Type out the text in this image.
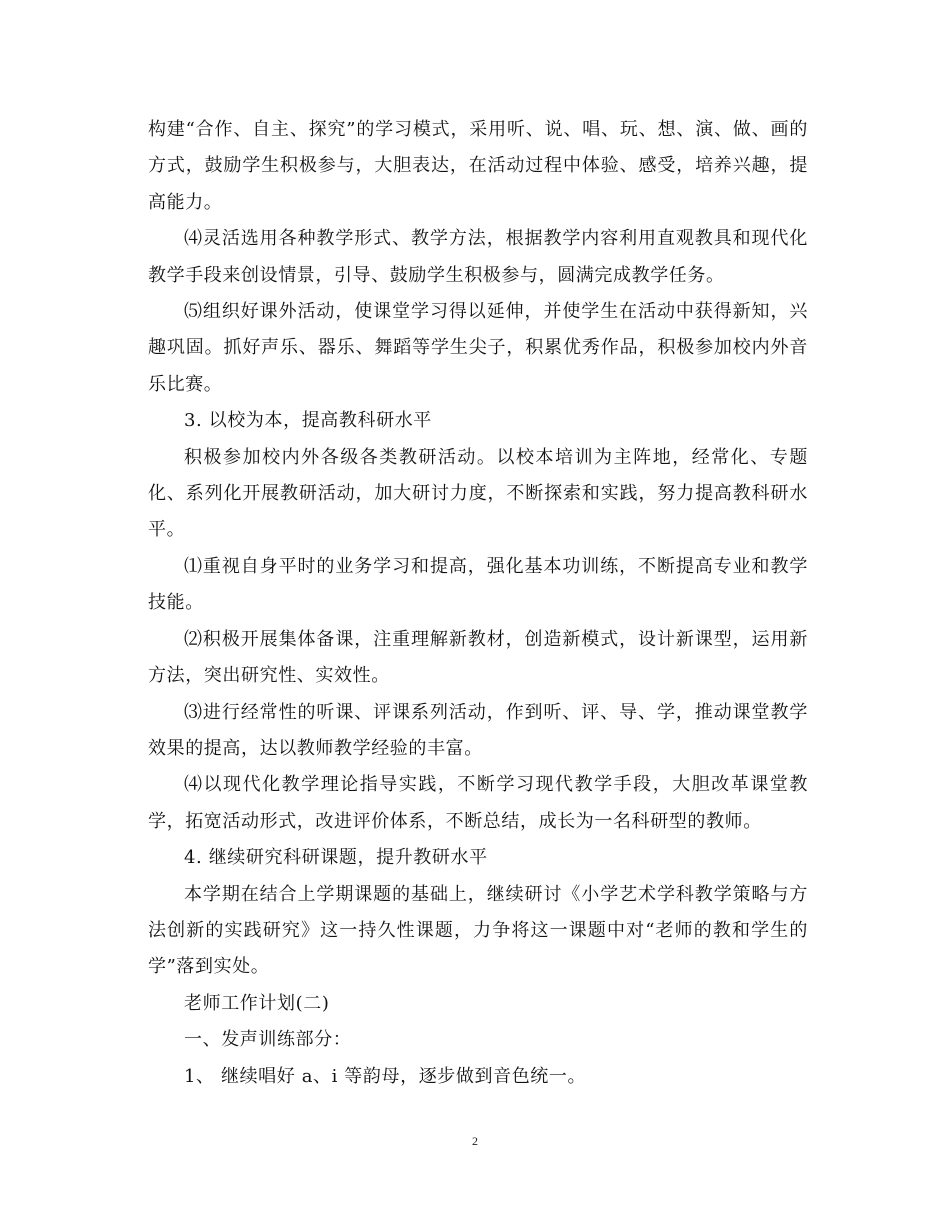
构建“合作、自主、探究”的学习模式，采用听、说、唱、玩、想、演、做、画的方式，鼓励学生积极参与，大胆表达，在活动过程中体验、感受，培养兴趣，提高能力。

⑷灵活选用各种教学形式、教学方法，根据教学内容利用直观教具和现代化教学手段来创设情景，引导、鼓励学生积极参与，圆满完成教学任务。

⑸组织好课外活动，使课堂学习得以延伸，并使学生在活动中获得新知，兴趣巩固。抓好声乐、器乐、舞蹈等学生尖子，积累优秀作品，积极参加校内外音乐比赛。

3. 以校为本，提高教科研水平

积极参加校内外各级各类教研活动。以校本培训为主阵地，经常化、专题化、系列化开展教研活动，加大研讨力度，不断探索和实践，努力提高教科研水平。

⑴重视自身平时的业务学习和提高，强化基本功训练，不断提高专业和教学技能。

⑵积极开展集体备课，注重理解新教材，创造新模式，设计新课型，运用新方法，突出研究性、实效性。

⑶进行经常性的听课、评课系列活动，作到听、评、导、学，推动课堂教学效果的提高，达以教师教学经验的丰富。

⑷以现代化教学理论指导实践，不断学习现代教学手段，大胆改革课堂教学，拓宽活动形式，改进评价体系，不断总结，成长为一名科研型的教师。

4. 继续研究科研课题，提升教研水平

本学期在结合上学期课题的基础上，继续研讨《小学艺术学科教学策略与方法创新的实践研究》这一持久性课题，力争将这一课题中对“老师的教和学生的学”落到实处。

老师工作计划(二)

一、发声训练部分：

1、 继续唱好 a、i 等韵母，逐步做到音色统一。

2
